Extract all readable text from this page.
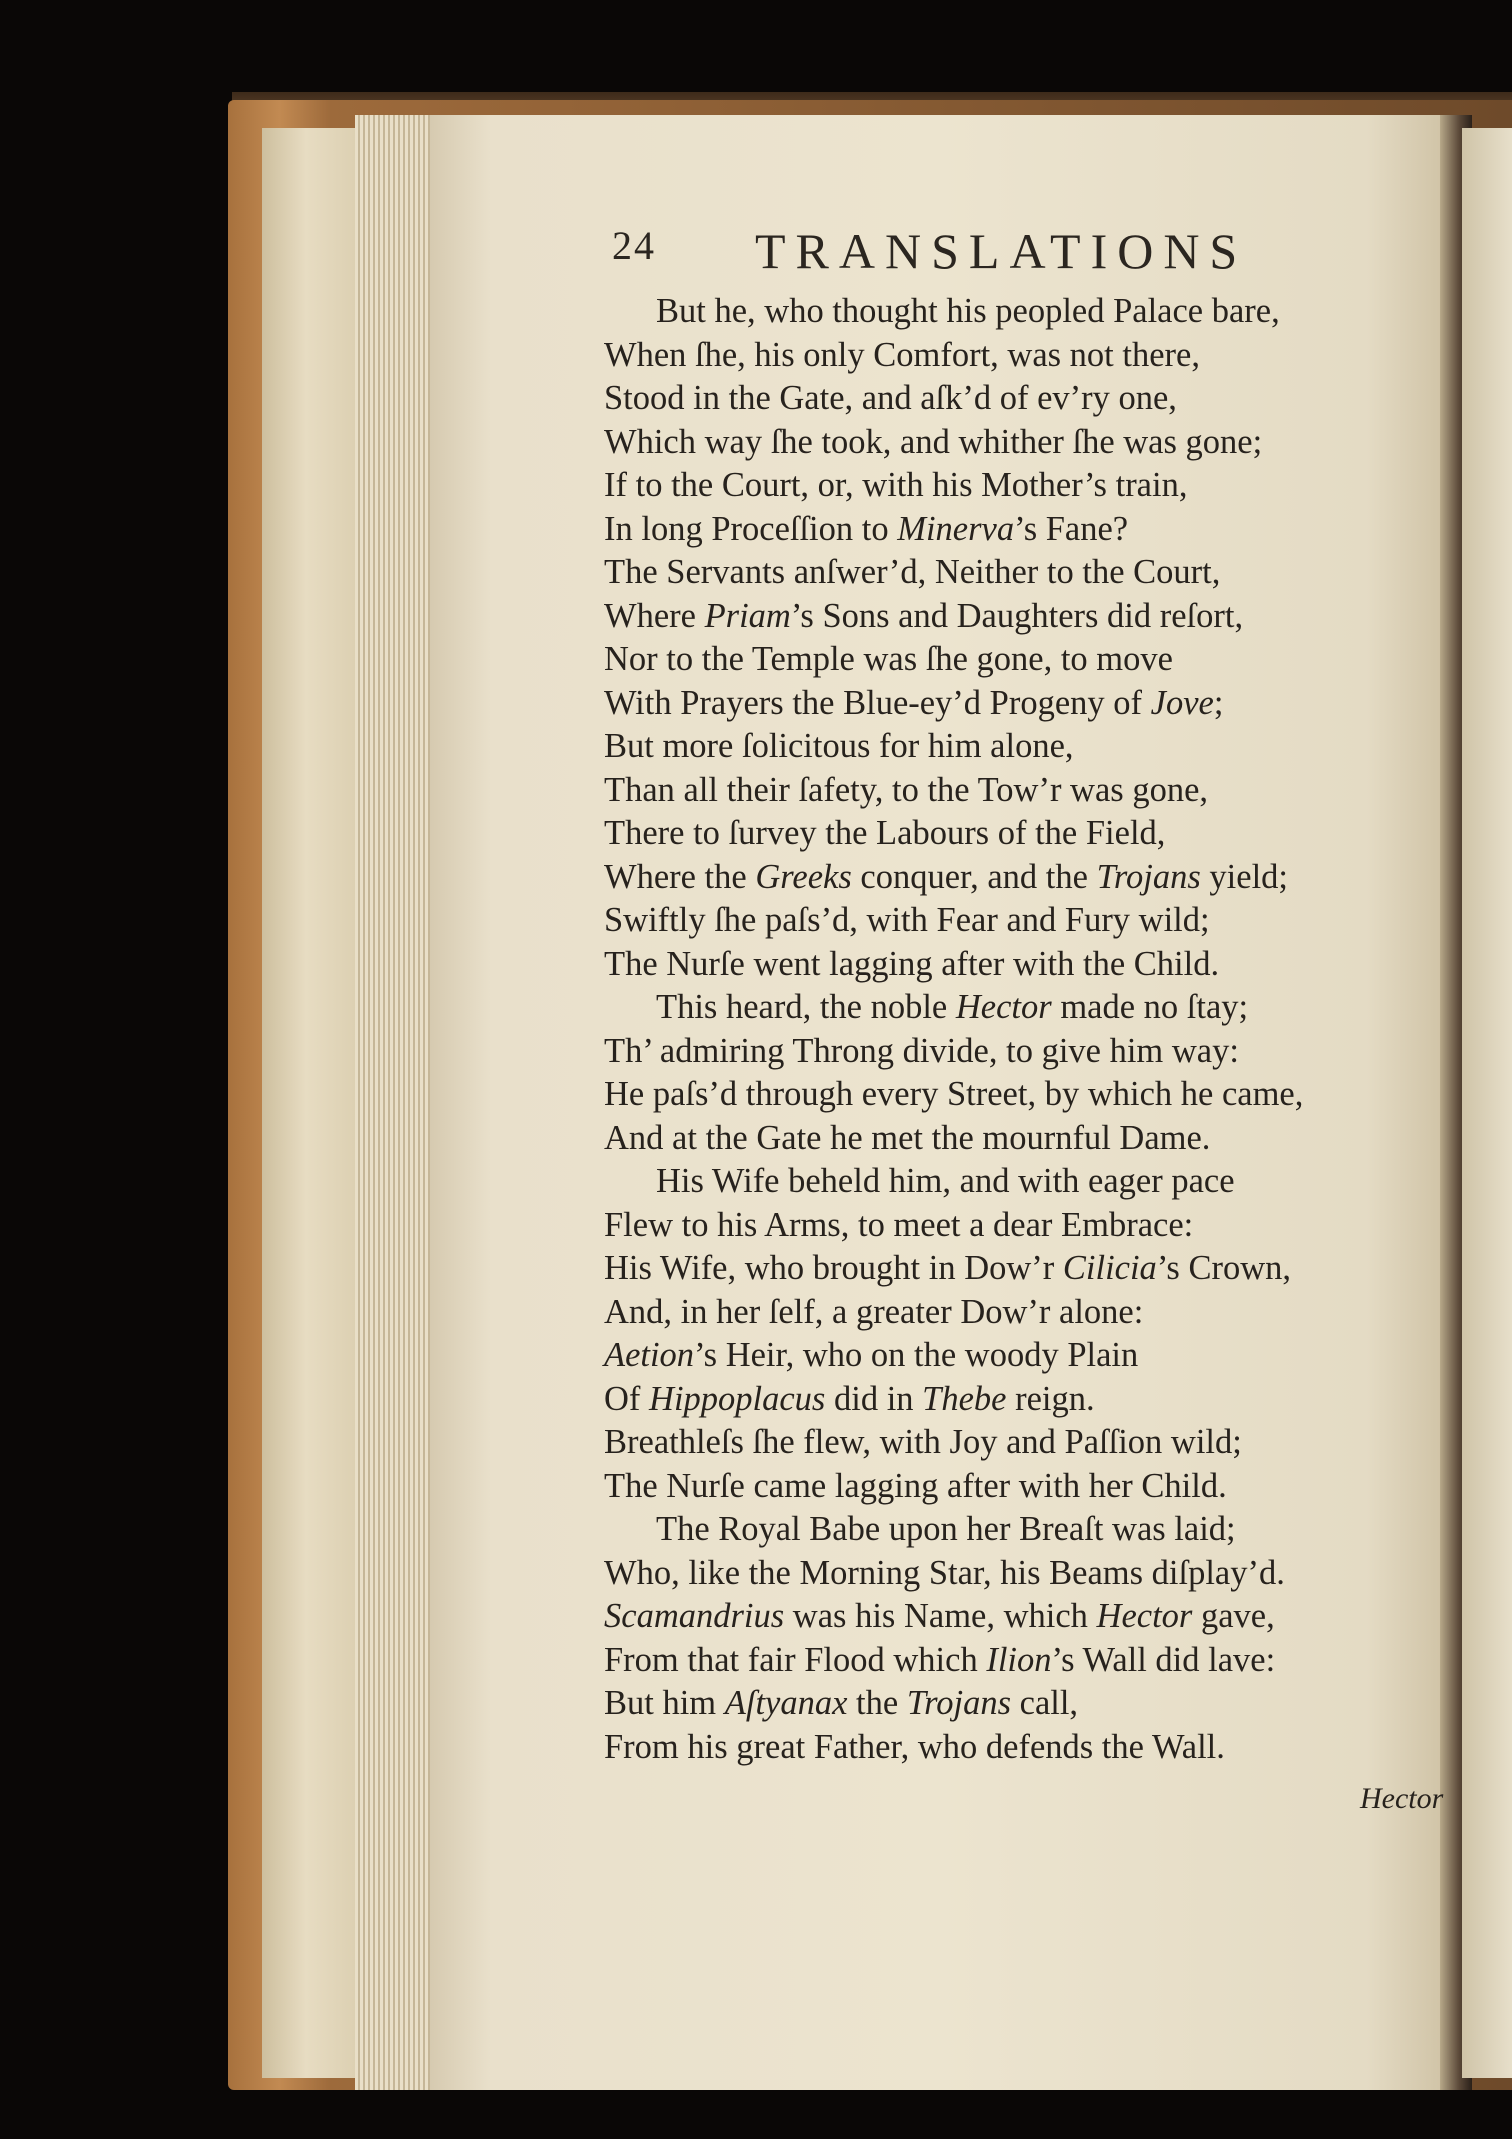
24 TRANSLATIONS
But he, who thought his peopled Palace bare,
When ſhe, his only Comfort, was not there,
Stood in the Gate, and aſk’d of ev’ry one,
Which way ſhe took, and whither ſhe was gone;
If to the Court, or, with his Mother’s train,
In long Proceſſion to Minerva’s Fane?
The Servants anſwer’d, Neither to the Court,
Where Priam’s Sons and Daughters did reſort,
Nor to the Temple was ſhe gone, to move
With Prayers the Blue-ey’d Progeny of Jove;
But more ſolicitous for him alone,
Than all their ſafety, to the Tow’r was gone,
There to ſurvey the Labours of the Field,
Where the Greeks conquer, and the Trojans yield;
Swiftly ſhe paſs’d, with Fear and Fury wild;
The Nurſe went lagging after with the Child.
This heard, the noble Hector made no ſtay;
Th’ admiring Throng divide, to give him way:
He paſs’d through every Street, by which he came,
And at the Gate he met the mournful Dame.
His Wife beheld him, and with eager pace
Flew to his Arms, to meet a dear Embrace:
His Wife, who brought in Dow’r Cilicia’s Crown,
And, in her ſelf, a greater Dow’r alone:
Aetion’s Heir, who on the woody Plain
Of Hippoplacus did in Thebe reign.
Breathleſs ſhe flew, with Joy and Paſſion wild;
The Nurſe came lagging after with her Child.
The Royal Babe upon her Breaſt was laid;
Who, like the Morning Star, his Beams diſplay’d.
Scamandrius was his Name, which Hector gave,
From that fair Flood which Ilion’s Wall did lave:
But him Aſtyanax the Trojans call,
From his great Father, who defends the Wall.
Hector
